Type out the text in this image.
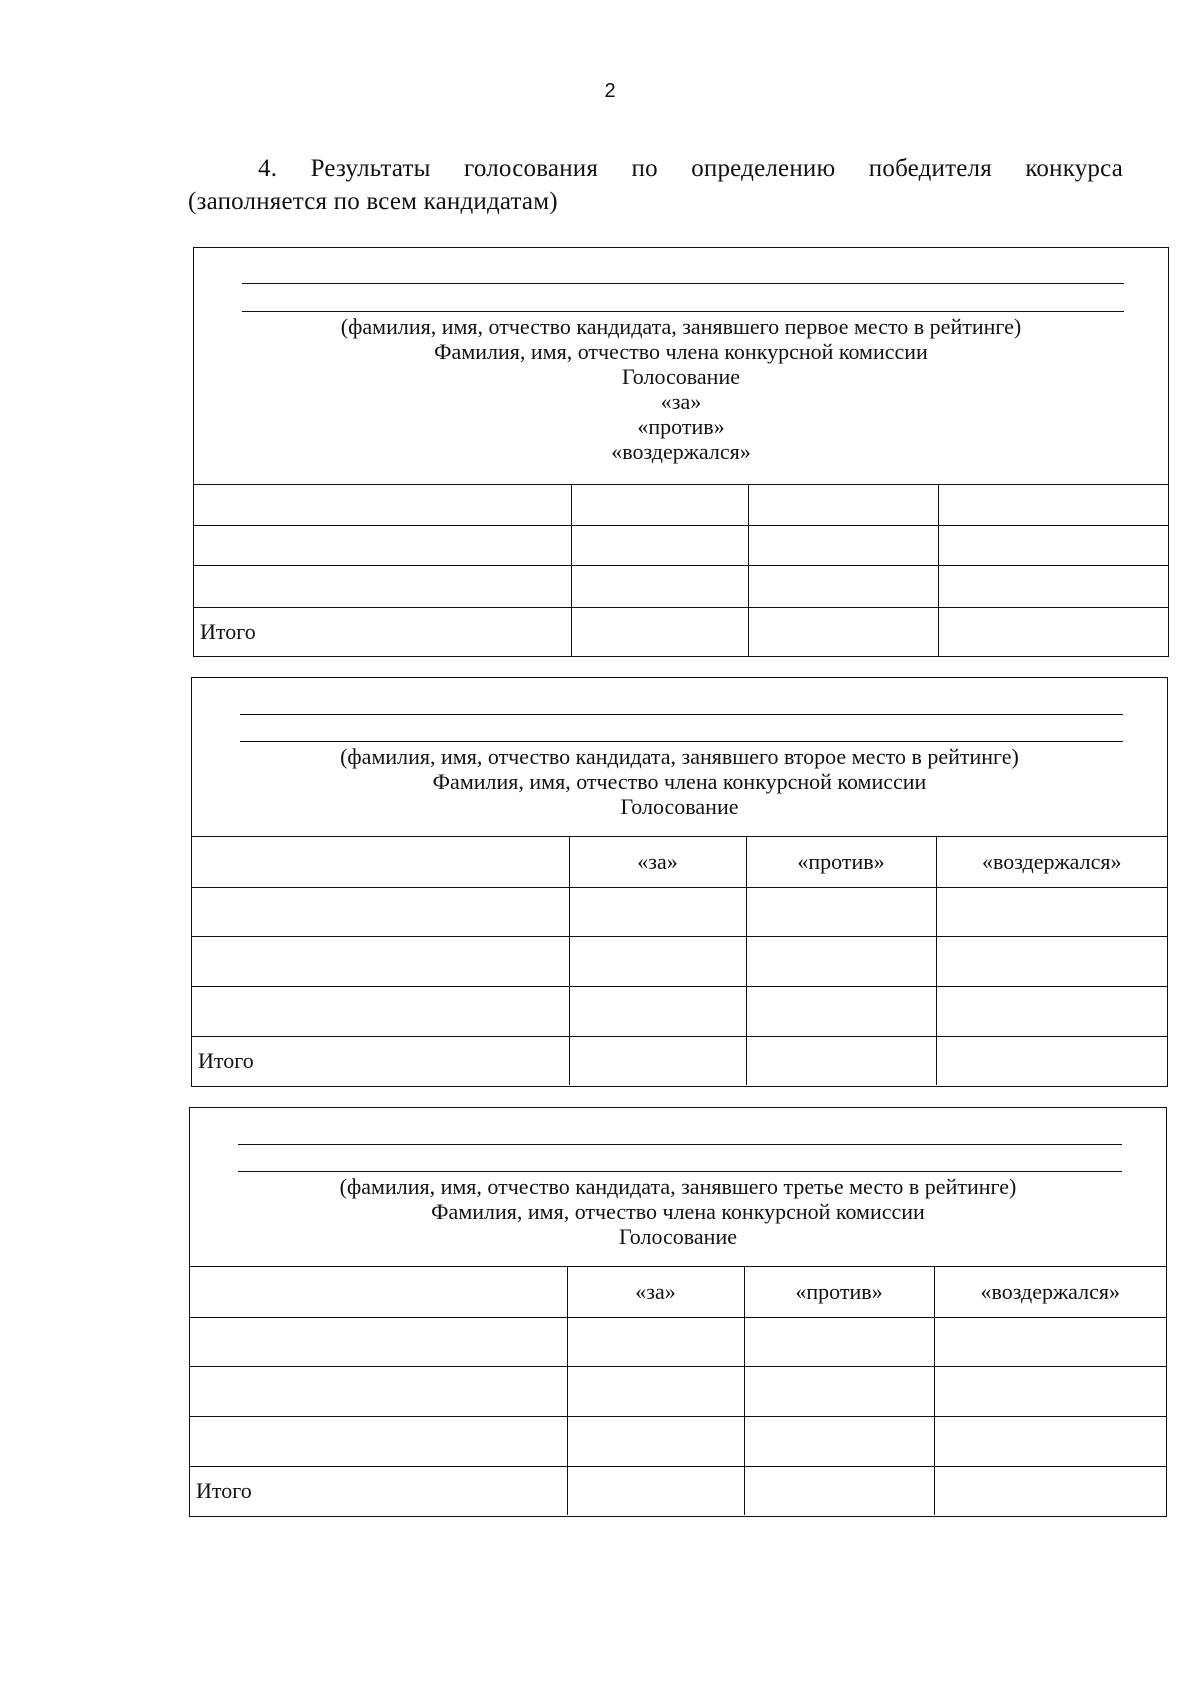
2
4. Результаты голосования по определению победителя конкурса
(заполняется по всем кандидатам)
(фамилия, имя, отчество кандидата, занявшего первое место в рейтинге)
Фамилия, имя, отчество члена конкурсной комиссии
Голосование
«за»
«против»
«воздержался»

Итого			
(фамилия, имя, отчество кандидата, занявшего второе место в рейтинге)
Фамилия, имя, отчество члена конкурсной комиссии
Голосование
	«за»	«против»	«воздержался»

Итого			
(фамилия, имя, отчество кандидата, занявшего третье место в рейтинге)
Фамилия, имя, отчество члена конкурсной комиссии
Голосование
	«за»	«против»	«воздержался»

Итого			
